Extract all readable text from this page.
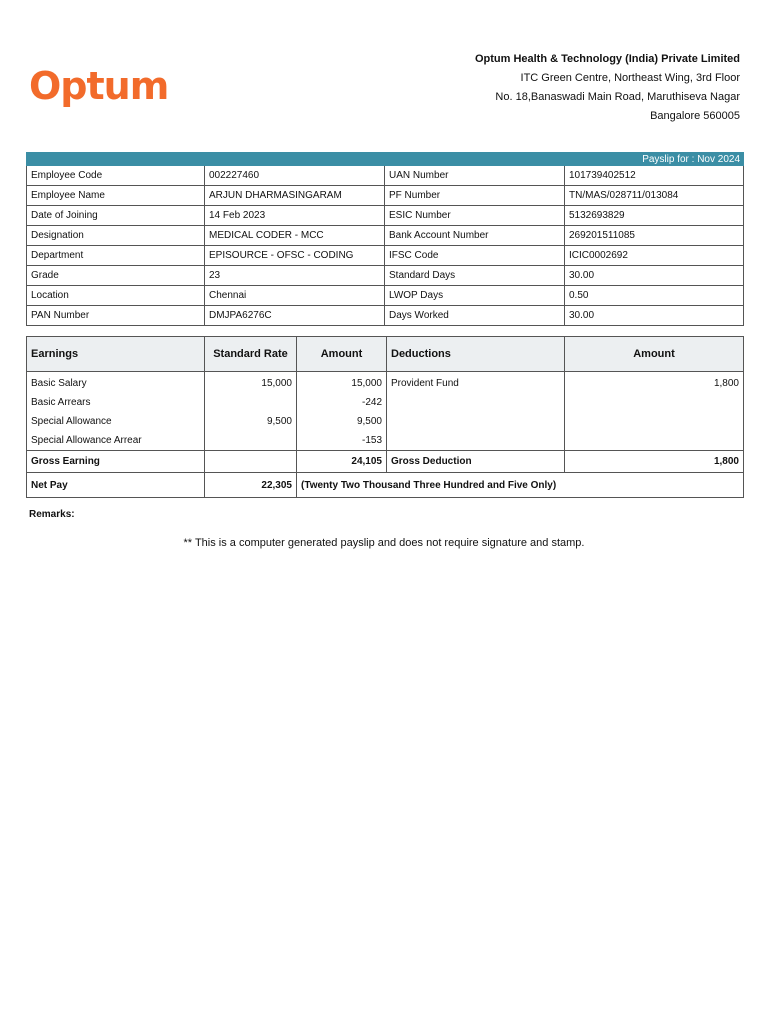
Optum
Optum Health & Technology (India) Private Limited
ITC Green Centre, Northeast Wing, 3rd Floor
No. 18,Banaswadi Main Road, Maruthiseva Nagar
Bangalore 560005
Payslip for : Nov 2024			
Employee Code	002227460	UAN Number	101739402512
Employee Name	ARJUN DHARMASINGARAM	PF Number	TN/MAS/028711/013084
Date of Joining	14 Feb 2023	ESIC Number	5132693829
Designation	MEDICAL CODER - MCC	Bank Account Number	269201511085
Department	EPISOURCE - OFSC - CODING	IFSC Code	ICIC0002692
Grade	23	Standard Days	30.00
Location	Chennai	LWOP Days	0.50
PAN Number	DMJPA6276C	Days Worked	30.00
Earnings	Standard Rate	Amount	Deductions	Amount
Basic Salary	15,000	15,000	Provident Fund	1,800
Basic Arrears		-242		
Special Allowance	9,500	9,500		
Special Allowance Arrear		-153		
Gross Earning		24,105	Gross Deduction	1,800
Net Pay	22,305	(Twenty Two Thousand Three Hundred and Five Only)		
Remarks:
** This is a computer generated payslip and does not require signature and stamp.
